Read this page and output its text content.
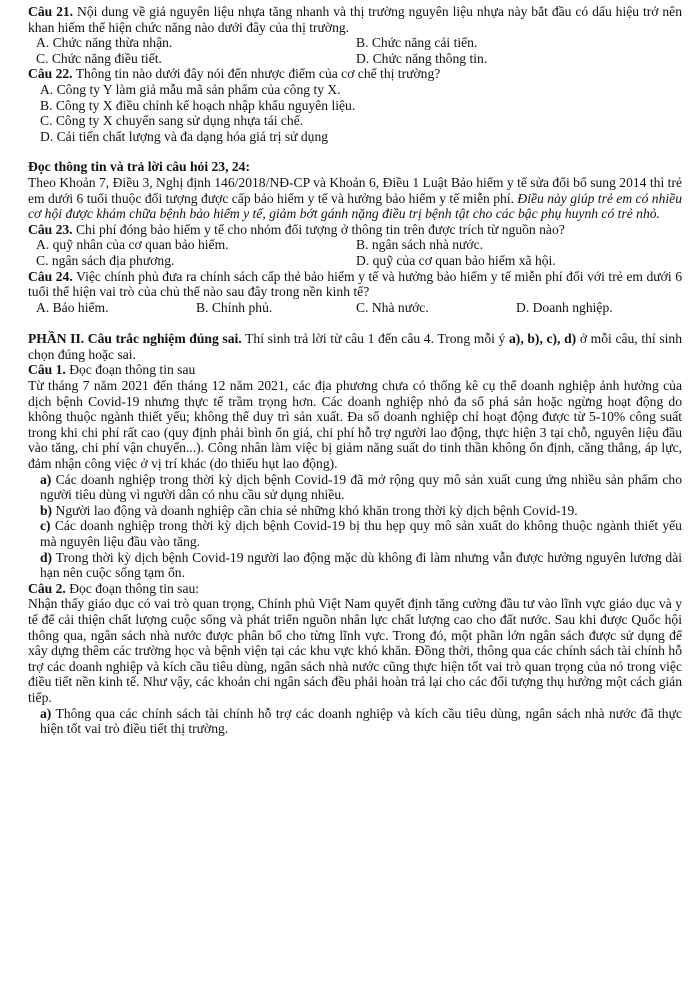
Câu 21. Nội dung về giá nguyên liệu nhựa tăng nhanh và thị trường nguyên liệu nhựa này bắt đầu có dấu hiệu trở nên khan hiếm thể hiện chức năng nào dưới đây của thị trường.

A. Chức năng thừa nhận.	B. Chức năng cải tiến.
C. Chức năng điều tiết.	D. Chức năng thông tin.

Câu 22. Thông tin nào dưới đây nói đến nhược điểm của cơ chế thị trường?

A. Công ty Y làm giả mẫu mã sản phẩm của công ty X.

B. Công ty X điều chỉnh kế hoạch nhập khẩu nguyên liệu.

C. Công ty X chuyển sang sử dụng nhựa tái chế.

D. Cải tiến chất lượng và đa dạng hóa giá trị sử dụng

Đọc thông tin và trả lời câu hỏi 23, 24:

Theo Khoản 7, Điều 3, Nghị định 146/2018/NĐ-CP và Khoản 6, Điều 1 Luật Bảo hiểm y tế sửa đổi bổ sung 2014 thì trẻ em dưới 6 tuổi thuộc đối tượng được cấp bảo hiểm y tế và hưởng bảo hiểm y tế miễn phí. Điều này giúp trẻ em có nhiều cơ hội được khám chữa bệnh bảo hiểm y tế, giảm bớt gánh nặng điều trị bệnh tật cho các bậc phụ huynh có trẻ nhỏ.

Câu 23. Chi phí đóng bảo hiểm y tế cho nhóm đối tượng ở thông tin trên được trích từ nguồn nào?

A. quỹ nhân của cơ quan bảo hiểm.	B. ngân sách nhà nước.
C. ngân sách địa phương.	D. quỹ của cơ quan bảo hiểm xã hội.

Câu 24. Việc chính phủ đưa ra chính sách cấp thẻ bảo hiểm y tế và hưởng bảo hiểm y tế miễn phí đối với trẻ em dưới 6 tuổi thể hiện vai trò của chủ thể nào sau đây trong nền kinh tế?

A. Bảo hiểm.	B. Chính phủ.	C. Nhà nước.	D. Doanh nghiệp.

PHẦN II. Câu trắc nghiệm đúng sai. Thí sinh trả lời từ câu 1 đến câu 4. Trong mỗi ý a), b), c), d) ở mỗi câu, thí sinh chọn đúng hoặc sai.

Câu 1. Đọc đoạn thông tin sau

Từ tháng 7 năm 2021 đến tháng 12 năm 2021, các địa phương chưa có thống kê cụ thể doanh nghiệp ảnh hưởng của dịch bệnh Covid-19 nhưng thực tế trầm trọng hơn. Các doanh nghiệp nhỏ đa số phá sản hoặc ngừng hoạt động do không thuộc ngành thiết yếu; không thể duy trì sản xuất. Đa số doanh nghiệp chỉ hoạt động được từ 5-10% công suất trong khi chi phí rất cao (quy định phải bình ổn giá, chi phí hỗ trợ người lao động, thực hiện 3 tại chỗ, nguyên liệu đầu vào tăng, chi phí vận chuyển...). Công nhân làm việc bị giảm năng suất do tinh thần không ổn định, căng thẳng, áp lực, đảm nhận công việc ở vị trí khác (do thiếu hụt lao động).

a) Các doanh nghiệp trong thời kỳ dịch bệnh Covid-19 đã mở rộng quy mô sản xuất cung ứng nhiều sản phẩm cho người tiêu dùng vì người dân có nhu cầu sử dụng nhiều.

b) Người lao động và doanh nghiệp cần chia sẻ những khó khăn trong thời kỳ dịch bệnh Covid-19.

c) Các doanh nghiệp trong thời kỳ dịch bệnh Covid-19 bị thu hẹp quy mô sản xuất do không thuộc ngành thiết yếu mà nguyên liệu đầu vào tăng.

d) Trong thời kỳ dịch bệnh Covid-19 người lao động mặc dù không đi làm nhưng vẫn được hưởng nguyên lương dài hạn nên cuộc sống tạm ổn.

Câu 2. Đọc đoạn thông tin sau:

Nhận thấy giáo dục có vai trò quan trọng, Chính phủ Việt Nam quyết định tăng cường đầu tư vào lĩnh vực giáo dục và y tế để cải thiện chất lượng cuộc sống và phát triển nguồn nhân lực chất lượng cao cho đất nước. Sau khi được Quốc hội thông qua, ngân sách nhà nước được phân bổ cho từng lĩnh vực. Trong đó, một phần lớn ngân sách được sử dụng để xây dựng thêm các trường học và bệnh viện tại các khu vực khó khăn. Đồng thời, thông qua các chính sách tài chính hỗ trợ các doanh nghiệp và kích cầu tiêu dùng, ngân sách nhà nước cũng thực hiện tốt vai trò quan trọng của nó trong việc điều tiết nền kinh tế. Như vậy, các khoản chi ngân sách đều phải hoàn trả lại cho các đối tượng thụ hưởng một cách gián tiếp.

a) Thông qua các chính sách tài chính hỗ trợ các doanh nghiệp và kích cầu tiêu dùng, ngân sách nhà nước đã thực hiện tốt vai trò điều tiết thị trường.
